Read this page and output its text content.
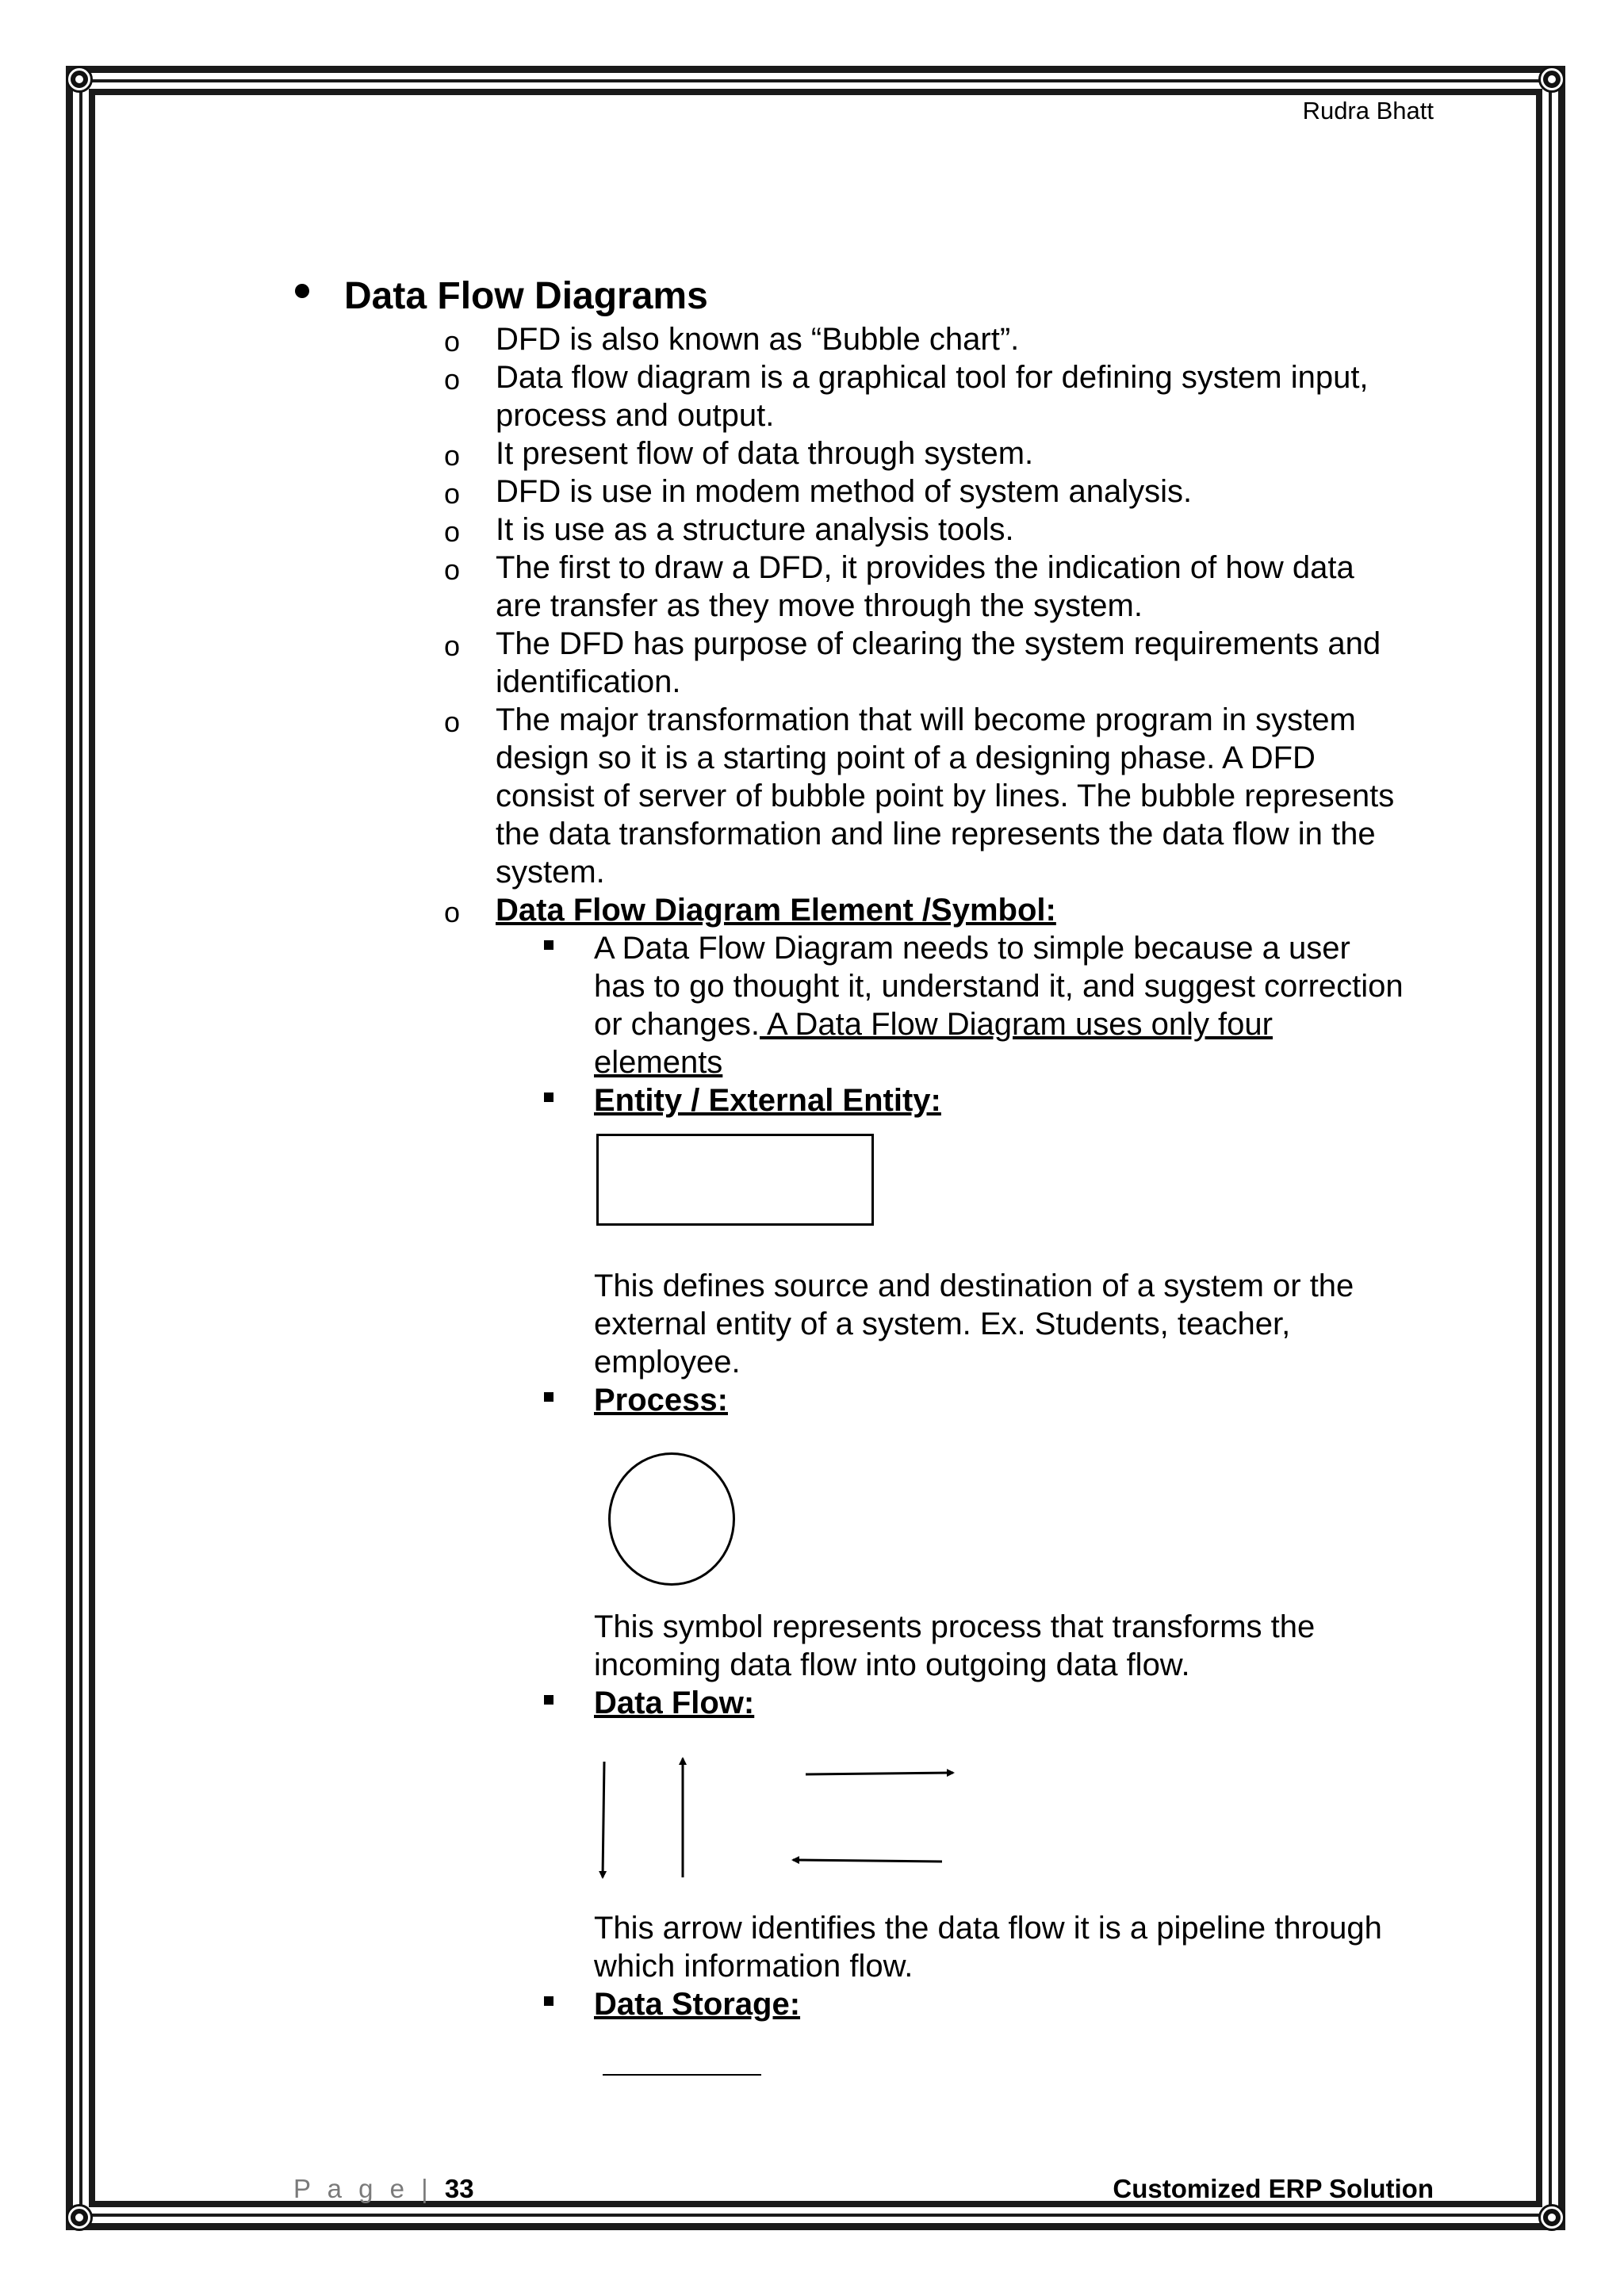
Rudra Bhatt
Data Flow Diagrams
o DFD is also known as “Bubble chart”.
o Data flow diagram is a graphical tool for defining system input,
process and output.
o It present flow of data through system.
o DFD is use in modem method of system analysis.
o It is use as a structure analysis tools.
o The first to draw a DFD, it provides the indication of how data
are transfer as they move through the system.
o The DFD has purpose of clearing the system requirements and
identification.
o The major transformation that will become program in system
design so it is a starting point of a designing phase. A DFD
consist of server of bubble point by lines. The bubble represents
the data transformation and line represents the data flow in the
system.
o Data Flow Diagram Element /Symbol:
A Data Flow Diagram needs to simple because a user
has to go thought it, understand it, and suggest correction
or changes. A Data Flow Diagram uses only four
elements
Entity / External Entity:
This defines source and destination of a system or the
external entity of a system. Ex. Students, teacher,
employee.
Process:
This symbol represents process that transforms the
incoming data flow into outgoing data flow.
Data Flow:
This arrow identifies the data flow it is a pipeline through
which information flow.
Data Storage:
P a g e | 33	Customized ERP Solution
